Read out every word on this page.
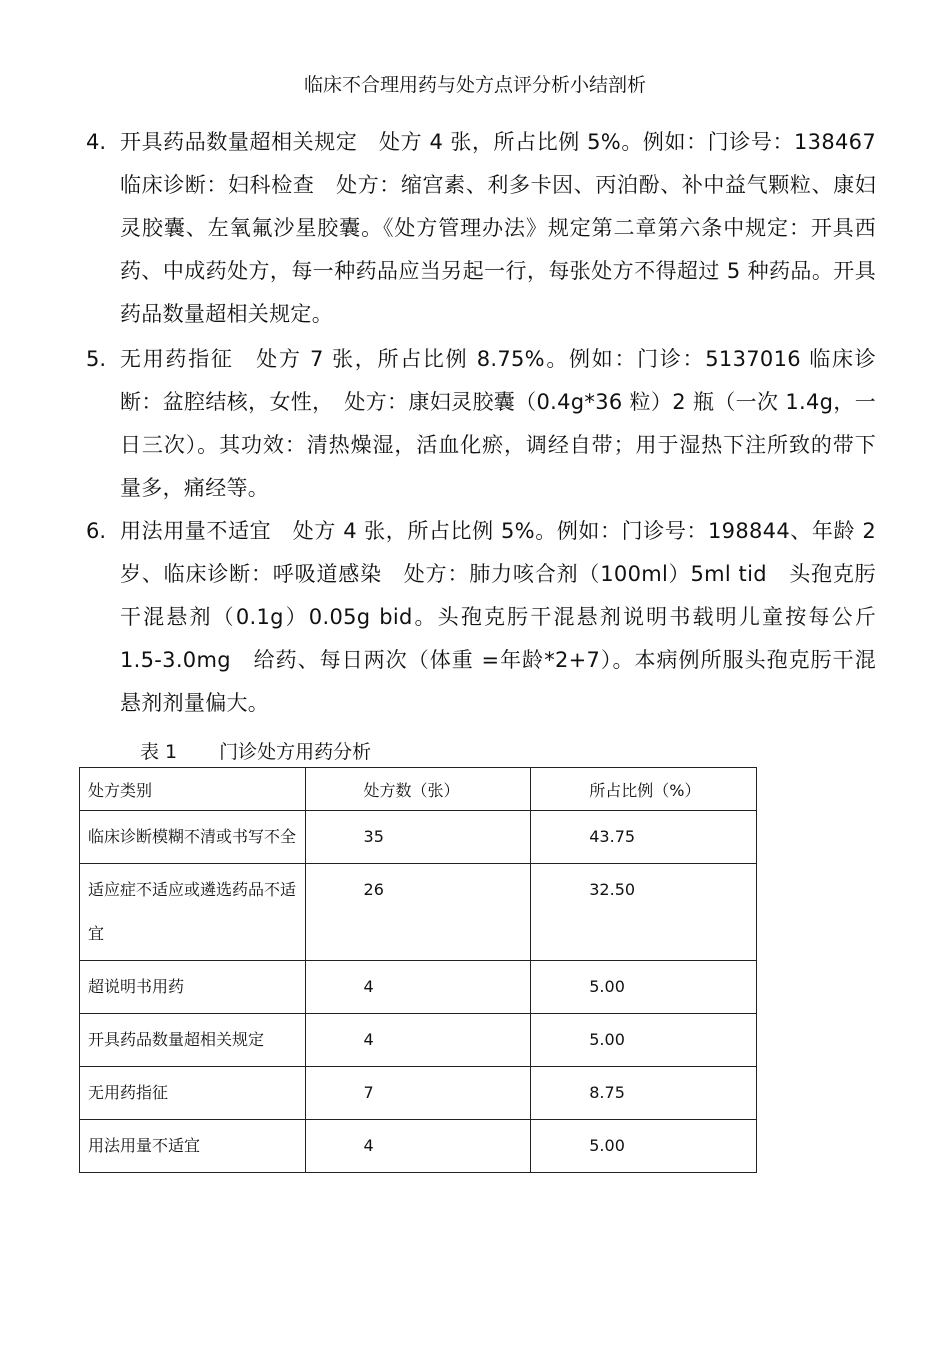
临床不合理用药与处方点评分析小结剖析
4. 开具药品数量超相关规定　处方 4 张，所占比例 5%。例如：门诊号：138467 临床诊断：妇科检查　处方：缩宫素、利多卡因、丙泊酚、补中益气颗粒、康妇灵胶囊、左氧氟沙星胶囊。《处方管理办法》规定第二章第六条中规定：开具西药、中成药处方，每一种药品应当另起一行，每张处方不得超过 5 种药品。开具药品数量超相关规定。
5. 无用药指征　处方 7 张，所占比例 8.75%。例如：门诊：5137016 临床诊断：盆腔结核，女性，　处方：康妇灵胶囊（0.4g*36 粒）2 瓶（一次 1.4g，一日三次）。其功效：清热燥湿，活血化瘀，调经自带；用于湿热下注所致的带下量多，痛经等。
6. 用法用量不适宜　处方 4 张，所占比例 5%。例如：门诊号：198844、年龄 2 岁、临床诊断：呼吸道感染　处方：肺力咳合剂（100ml）5ml tid　头孢克肟干混悬剂（0.1g）0.05g bid。头孢克肟干混悬剂说明书载明儿童按每公斤　1.5-3.0mg　给药、每日两次（体重 =年龄*2+7）。本病例所服头孢克肟干混悬剂剂量偏大。
表 1 门诊处方用药分析
处方类别	处方数（张）	所占比例（%）
临床诊断模糊不清或书写不全	35	43.75
适应症不适应或遴选药品不适宜	26	32.50
超说明书用药	4	5.00
开具药品数量超相关规定	4	5.00
无用药指征	7	8.75
用法用量不适宜	4	5.00
